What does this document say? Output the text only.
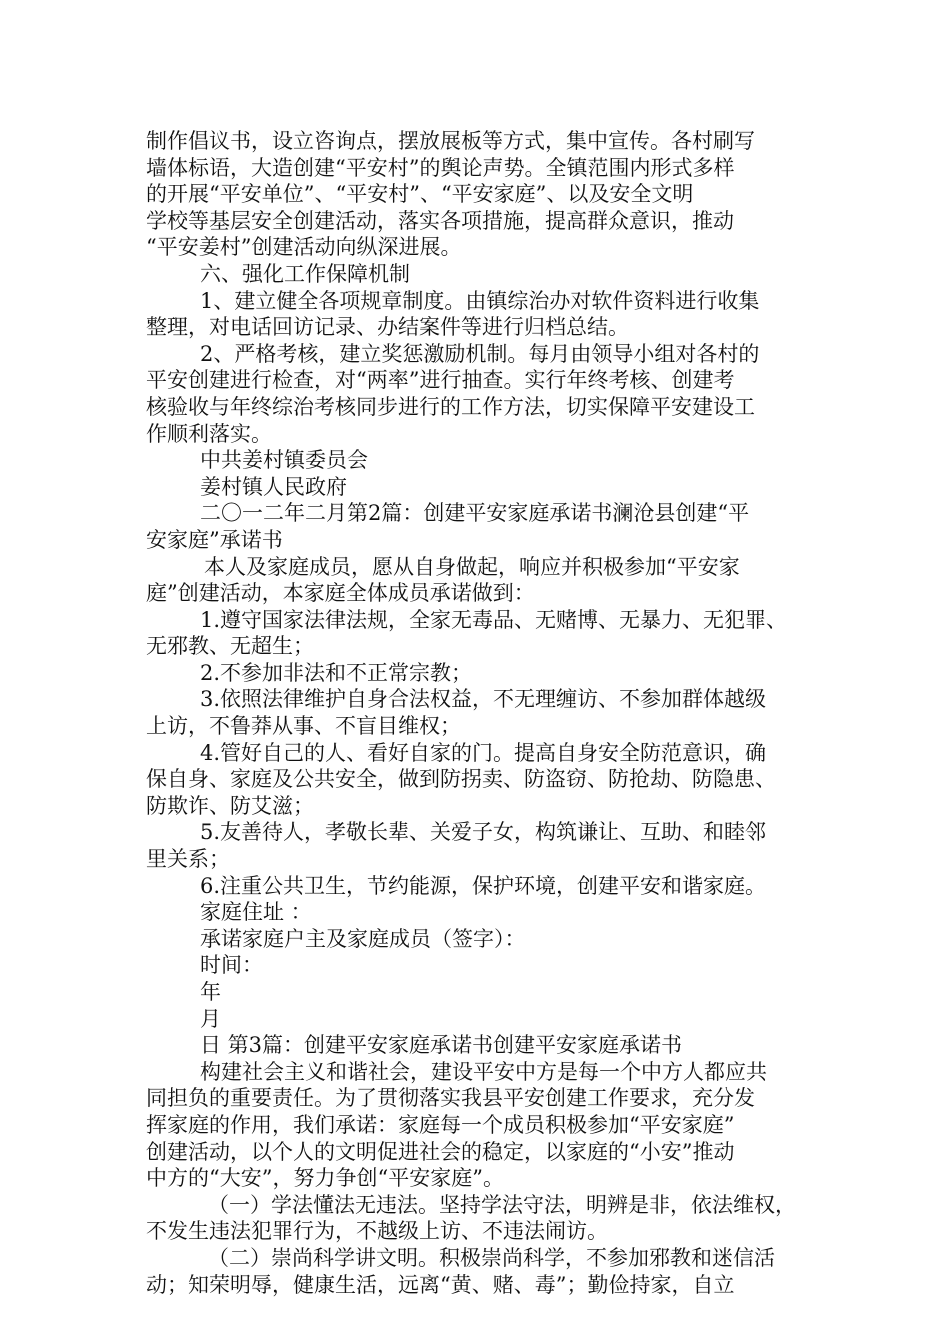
制作倡议书，设立咨询点，摆放展板等方式，集中宣传。各村刷写
墙体标语，大造创建“平安村”的舆论声势。全镇范围内形式多样
的开展“平安单位”、“平安村”、“平安家庭”、以及安全文明
学校等基层安全创建活动，落实各项措施，提高群众意识，推动
“平安姜村”创建活动向纵深进展。
六、强化工作保障机制
1、建立健全各项规章制度。由镇综治办对软件资料进行收集
整理，对电话回访记录、办结案件等进行归档总结。
2、严格考核，建立奖惩激励机制。每月由领导小组对各村的
平安创建进行检查，对“两率”进行抽查。实行年终考核、创建考
核验收与年终综治考核同步进行的工作方法，切实保障平安建设工
作顺利落实。
中共姜村镇委员会
姜村镇人民政府
二〇一二年二月第2篇：创建平安家庭承诺书澜沧县创建“平
安家庭”承诺书
本人及家庭成员，愿从自身做起，响应并积极参加“平安家
庭”创建活动，本家庭全体成员承诺做到：
1.遵守国家法律法规，全家无毒品、无赌博、无暴力、无犯罪、
无邪教、无超生；
2.不参加非法和不正常宗教；
3.依照法律维护自身合法权益，不无理缠访、不参加群体越级
上访，不鲁莽从事、不盲目维权；
4.管好自己的人、看好自家的门。提高自身安全防范意识，确
保自身、家庭及公共安全，做到防拐卖、防盗窃、防抢劫、防隐患、
防欺诈、防艾滋；
5.友善待人，孝敬长辈、关爱子女，构筑谦让、互助、和睦邻
里关系；
6.注重公共卫生，节约能源，保护环境，创建平安和谐家庭。
家庭住址 ：
承诺家庭户主及家庭成员（签字）：
时间：
年
月
日 第3篇：创建平安家庭承诺书创建平安家庭承诺书
构建社会主义和谐社会，建设平安中方是每一个中方人都应共
同担负的重要责任。为了贯彻落实我县平安创建工作要求，充分发
挥家庭的作用，我们承诺：家庭每一个成员积极参加“平安家庭”
创建活动，以个人的文明促进社会的稳定，以家庭的“小安”推动
中方的“大安”，努力争创“平安家庭”。
（一）学法懂法无违法。坚持学法守法，明辨是非，依法维权，
不发生违法犯罪行为，不越级上访、不违法闹访。
（二）崇尚科学讲文明。积极崇尚科学，不参加邪教和迷信活
动；知荣明辱，健康生活，远离“黄、赌、毒”；勤俭持家，自立
